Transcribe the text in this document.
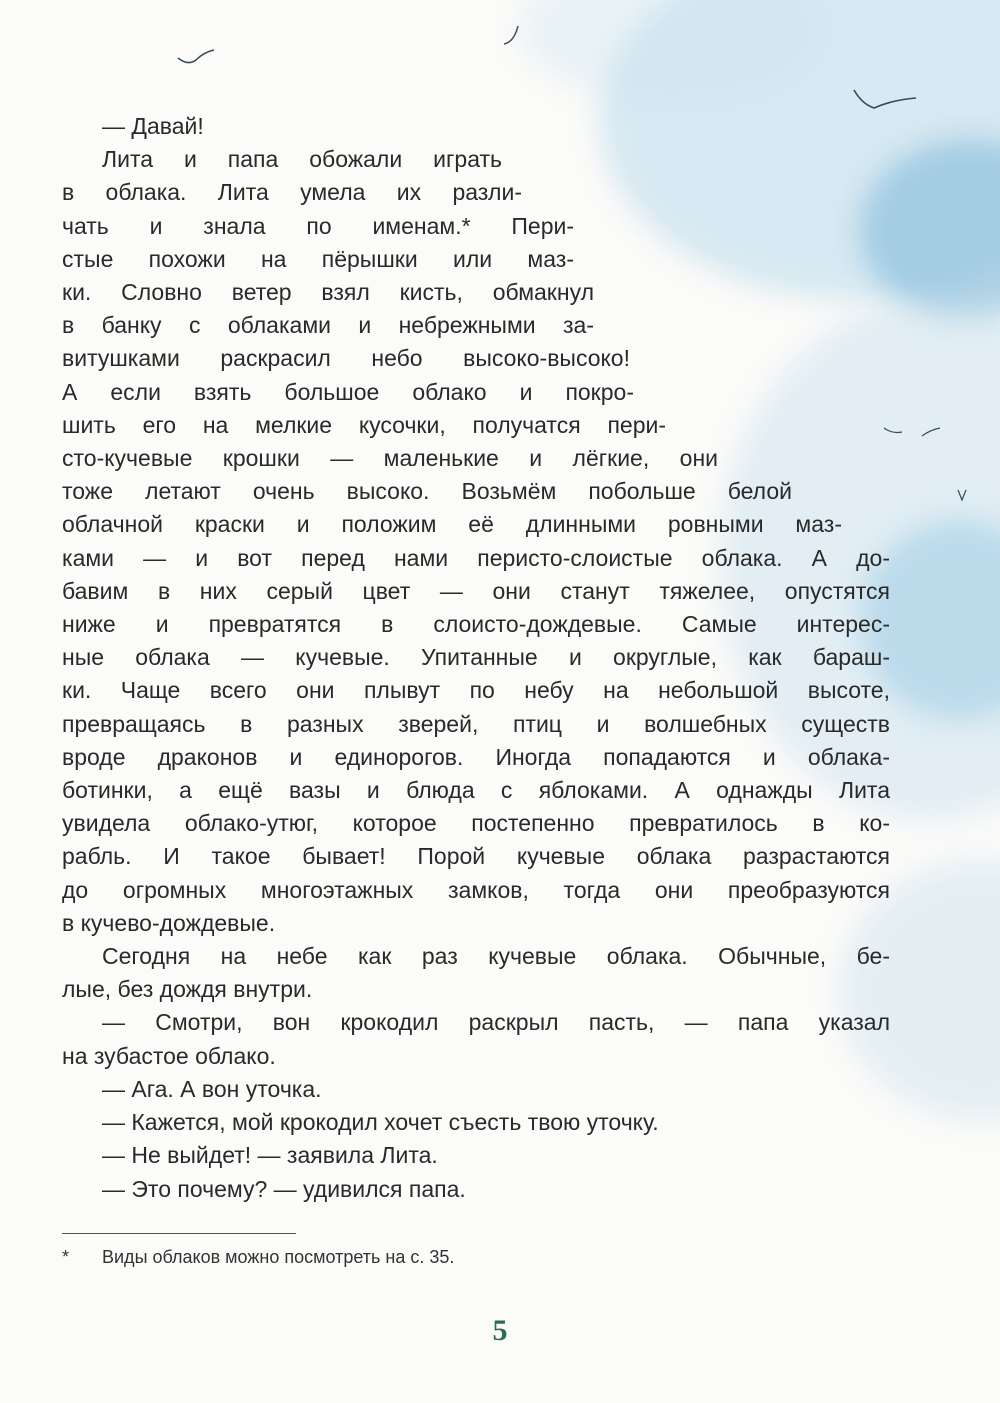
— Давай!
Лита и папа обожали играть
в облака. Лита умела их разли-
чать и знала по именам.* Пери-
стые похожи на пёрышки или маз-
ки. Словно ветер взял кисть, обмакнул
в банку с облаками и небрежными за-
витушками раскрасил небо высоко-высоко!
А если взять большое облако и покро-
шить его на мелкие кусочки, получатся пери-
сто-кучевые крошки — маленькие и лёгкие, они
тоже летают очень высоко. Возьмём побольше белой
облачной краски и положим её длинными ровными маз-
ками — и вот перед нами перисто-слоистые облака. А до-
бавим в них серый цвет — они станут тяжелее, опустятся
ниже и превратятся в слоисто-дождевые. Самые интерес-
ные облака — кучевые. Упитанные и округлые, как бараш-
ки. Чаще всего они плывут по небу на небольшой высоте,
превращаясь в разных зверей, птиц и волшебных существ
вроде драконов и единорогов. Иногда попадаются и облака-
ботинки, а ещё вазы и блюда с яблоками. А однажды Лита
увидела облако-утюг, которое постепенно превратилось в ко-
рабль. И такое бывает! Порой кучевые облака разрастаются
до огромных многоэтажных замков, тогда они преобразуются
в кучево-дождевые.
Сегодня на небе как раз кучевые облака. Обычные, бе-
лые, без дождя внутри.
— Смотри, вон крокодил раскрыл пасть, — папа указал
на зубастое облако.
— Ага. А вон уточка.
— Кажется, мой крокодил хочет съесть твою уточку.
— Не выйдет! — заявила Лита.
— Это почему? — удивился папа.
* Виды облаков можно посмотреть на с. 35.
5
